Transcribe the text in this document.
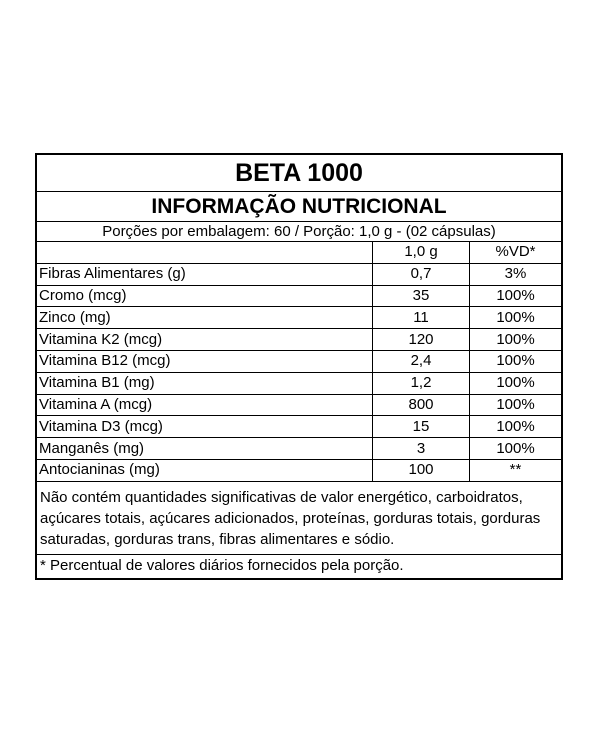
BETA 1000
INFORMAÇÃO NUTRICIONAL
Porções por embalagem: 60 / Porção: 1,0 g - (02 cápsulas)
	1,0 g	%VD*
Fibras Alimentares (g)	0,7	3%
Cromo (mcg)	35	100%
Zinco (mg)	11	100%
Vitamina K2 (mcg)	120	100%
Vitamina B12 (mcg)	2,4	100%
Vitamina B1 (mg)	1,2	100%
Vitamina A (mcg)	800	100%
Vitamina D3 (mcg)	15	100%
Manganês (mg)	3	100%
Antocianinas (mg)	100	**
Não contém quantidades significativas de valor energético, carboidratos, açúcares totais, açúcares adicionados, proteínas, gorduras totais, gorduras saturadas, gorduras trans, fibras alimentares e sódio.
* Percentual de valores diários fornecidos pela porção.
